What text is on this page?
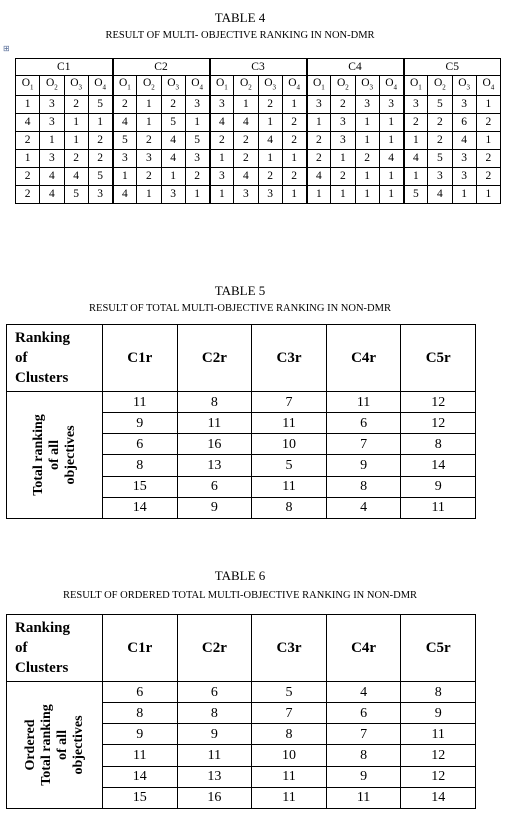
TABLE 4
RESULT OF MULTI- OBJECTIVE RANKING IN NON-DMR
⊞
C1				C2				C3				C4				C5			
$O_1$	$O_2$	$O_3$	$O_4$	$O_1$	$O_2$	$O_3$	$O_4$	$O_1$	$O_2$	$O_3$	$O_4$	$O_1$	$O_2$	$O_3$	$O_4$	$O_1$	$O_2$	$O_3$	$O_4$
1	3	2	5	2	1	2	3	3	1	2	1	3	2	3	3	3	5	3	1
4	3	1	1	4	1	5	1	4	4	1	2	1	3	1	1	2	2	6	2
2	1	1	2	5	2	4	5	2	2	4	2	2	3	1	1	1	2	4	1
1	3	2	2	3	3	4	3	1	2	1	1	2	1	2	4	4	5	3	2
2	4	4	5	1	2	1	2	3	4	2	2	4	2	1	1	1	3	3	2
2	4	5	3	4	1	3	1	1	3	3	1	1	1	1	1	5	4	1	1
TABLE 5
RESULT OF TOTAL MULTI-OBJECTIVE RANKING IN NON-DMR
Ranking
of
Clusters	C1r	C2r	C3r	C4r	C5r

Total ranking
of all
objectives	11	8	7	11	12
	9	11	11	6	12
	6	16	10	7	8
	8	13	5	9	14
	15	6	11	8	9
	14	9	8	4	11
TABLE 6
RESULT OF ORDERED TOTAL MULTI-OBJECTIVE RANKING IN NON-DMR
Ranking
of
Clusters	C1r	C2r	C3r	C4r	C5r

Ordered
Total ranking
of all
objectives	6	6	5	4	8
	8	8	7	6	9
	9	9	8	7	11
	11	11	10	8	12
	14	13	11	9	12
	15	16	11	11	14
